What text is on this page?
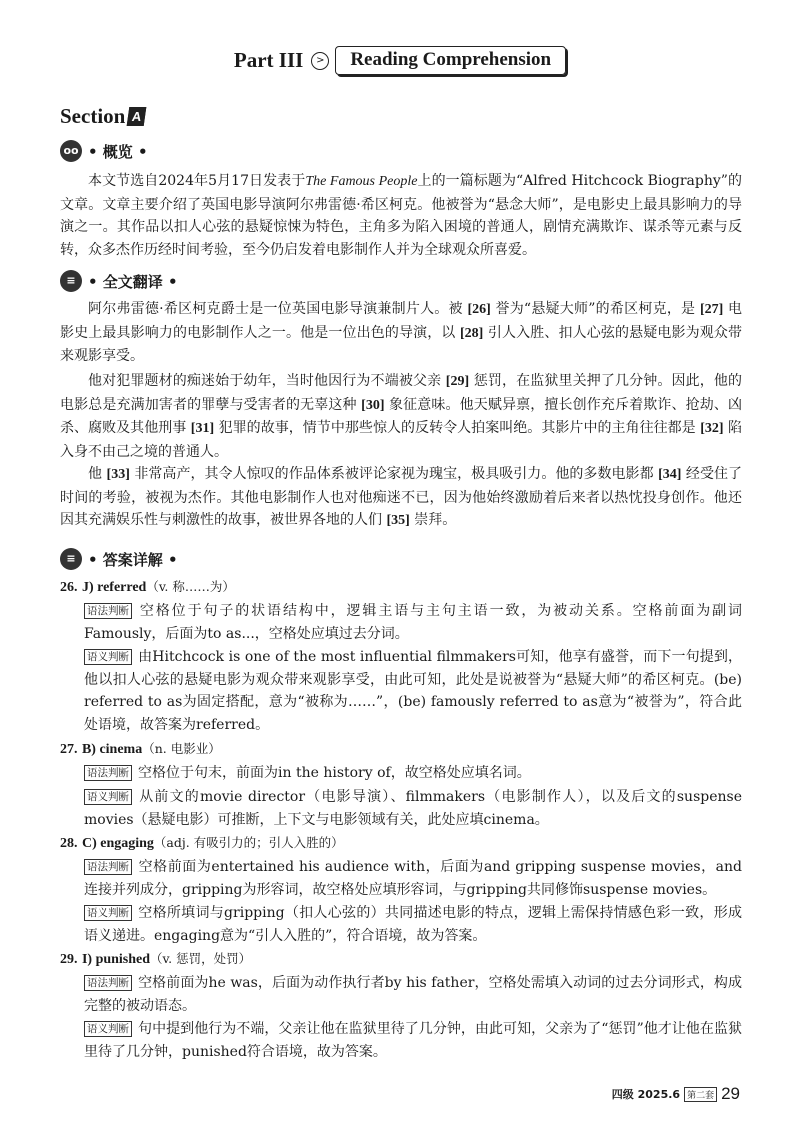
Part III	>	Reading Comprehension
Section A
oo • 概览 •

本文节选自2024年5月17日发表于The Famous People上的一篇标题为“Alfred Hitchcock Biography”的文章。文章主要介绍了英国电影导演阿尔弗雷德·希区柯克。他被誉为“悬念大师”，是电影史上最具影响力的导演之一。其作品以扣人心弦的悬疑惊悚为特色，主角多为陷入困境的普通人，剧情充满欺诈、谋杀等元素与反转，众多杰作历经时间考验，至今仍启发着电影制作人并为全球观众所喜爱。

≡ • 全文翻译 •

阿尔弗雷德·希区柯克爵士是一位英国电影导演兼制片人。被 [26] 誉为“悬疑大师”的希区柯克，是 [27] 电影史上最具影响力的电影制作人之一。他是一位出色的导演，以 [28] 引人入胜、扣人心弦的悬疑电影为观众带来观影享受。

他对犯罪题材的痴迷始于幼年，当时他因行为不端被父亲 [29] 惩罚，在监狱里关押了几分钟。因此，他的电影总是充满加害者的罪孽与受害者的无辜这种 [30] 象征意味。他天赋异禀，擅长创作充斥着欺诈、抢劫、凶杀、腐败及其他刑事 [31] 犯罪的故事，情节中那些惊人的反转令人拍案叫绝。其影片中的主角往往都是 [32] 陷入身不由己之境的普通人。

他 [33] 非常高产，其令人惊叹的作品体系被评论家视为瑰宝，极具吸引力。他的多数电影都 [34] 经受住了时间的考验，被视为杰作。其他电影制作人也对他痴迷不已，因为他始终激励着后来者以热忱投身创作。他还因其充满娱乐性与刺激性的故事，被世界各地的人们 [35] 崇拜。

≡ • 答案详解 •
26. J) referred（v. 称……为）

语法判断 空格位于句子的状语结构中，逻辑主语与主句主语一致，为被动关系。空格前面为副词Famously，后面为to as...，空格处应填过去分词。

语义判断 由Hitchcock is one of the most influential filmmakers可知，他享有盛誉，而下一句提到，他以扣人心弦的悬疑电影为观众带来观影享受，由此可知，此处是说被誉为“悬疑大师”的希区柯克。(be) referred to as为固定搭配，意为“被称为……”，(be) famously referred to as意为“被誉为”，符合此处语境，故答案为referred。

27. B) cinema（n. 电影业）

语法判断 空格位于句末，前面为in the history of，故空格处应填名词。

语义判断 从前文的movie director（电影导演）、filmmakers（电影制作人），以及后文的suspense movies（悬疑电影）可推断，上下文与电影领域有关，此处应填cinema。

28. C) engaging（adj. 有吸引力的；引人入胜的）

语法判断 空格前面为entertained his audience with，后面为and gripping suspense movies，and连接并列成分，gripping为形容词，故空格处应填形容词，与gripping共同修饰suspense movies。

语义判断 空格所填词与gripping（扣人心弦的）共同描述电影的特点，逻辑上需保持情感色彩一致，形成语义递进。engaging意为“引人入胜的”，符合语境，故为答案。

29. I) punished（v. 惩罚，处罚）

语法判断 空格前面为he was，后面为动作执行者by his father，空格处需填入动词的过去分词形式，构成完整的被动语态。

语义判断 句中提到他行为不端，父亲让他在监狱里待了几分钟，由此可知，父亲为了“惩罚”他才让他在监狱里待了几分钟，punished符合语境，故为答案。

四级 2025.6 第二套 29
